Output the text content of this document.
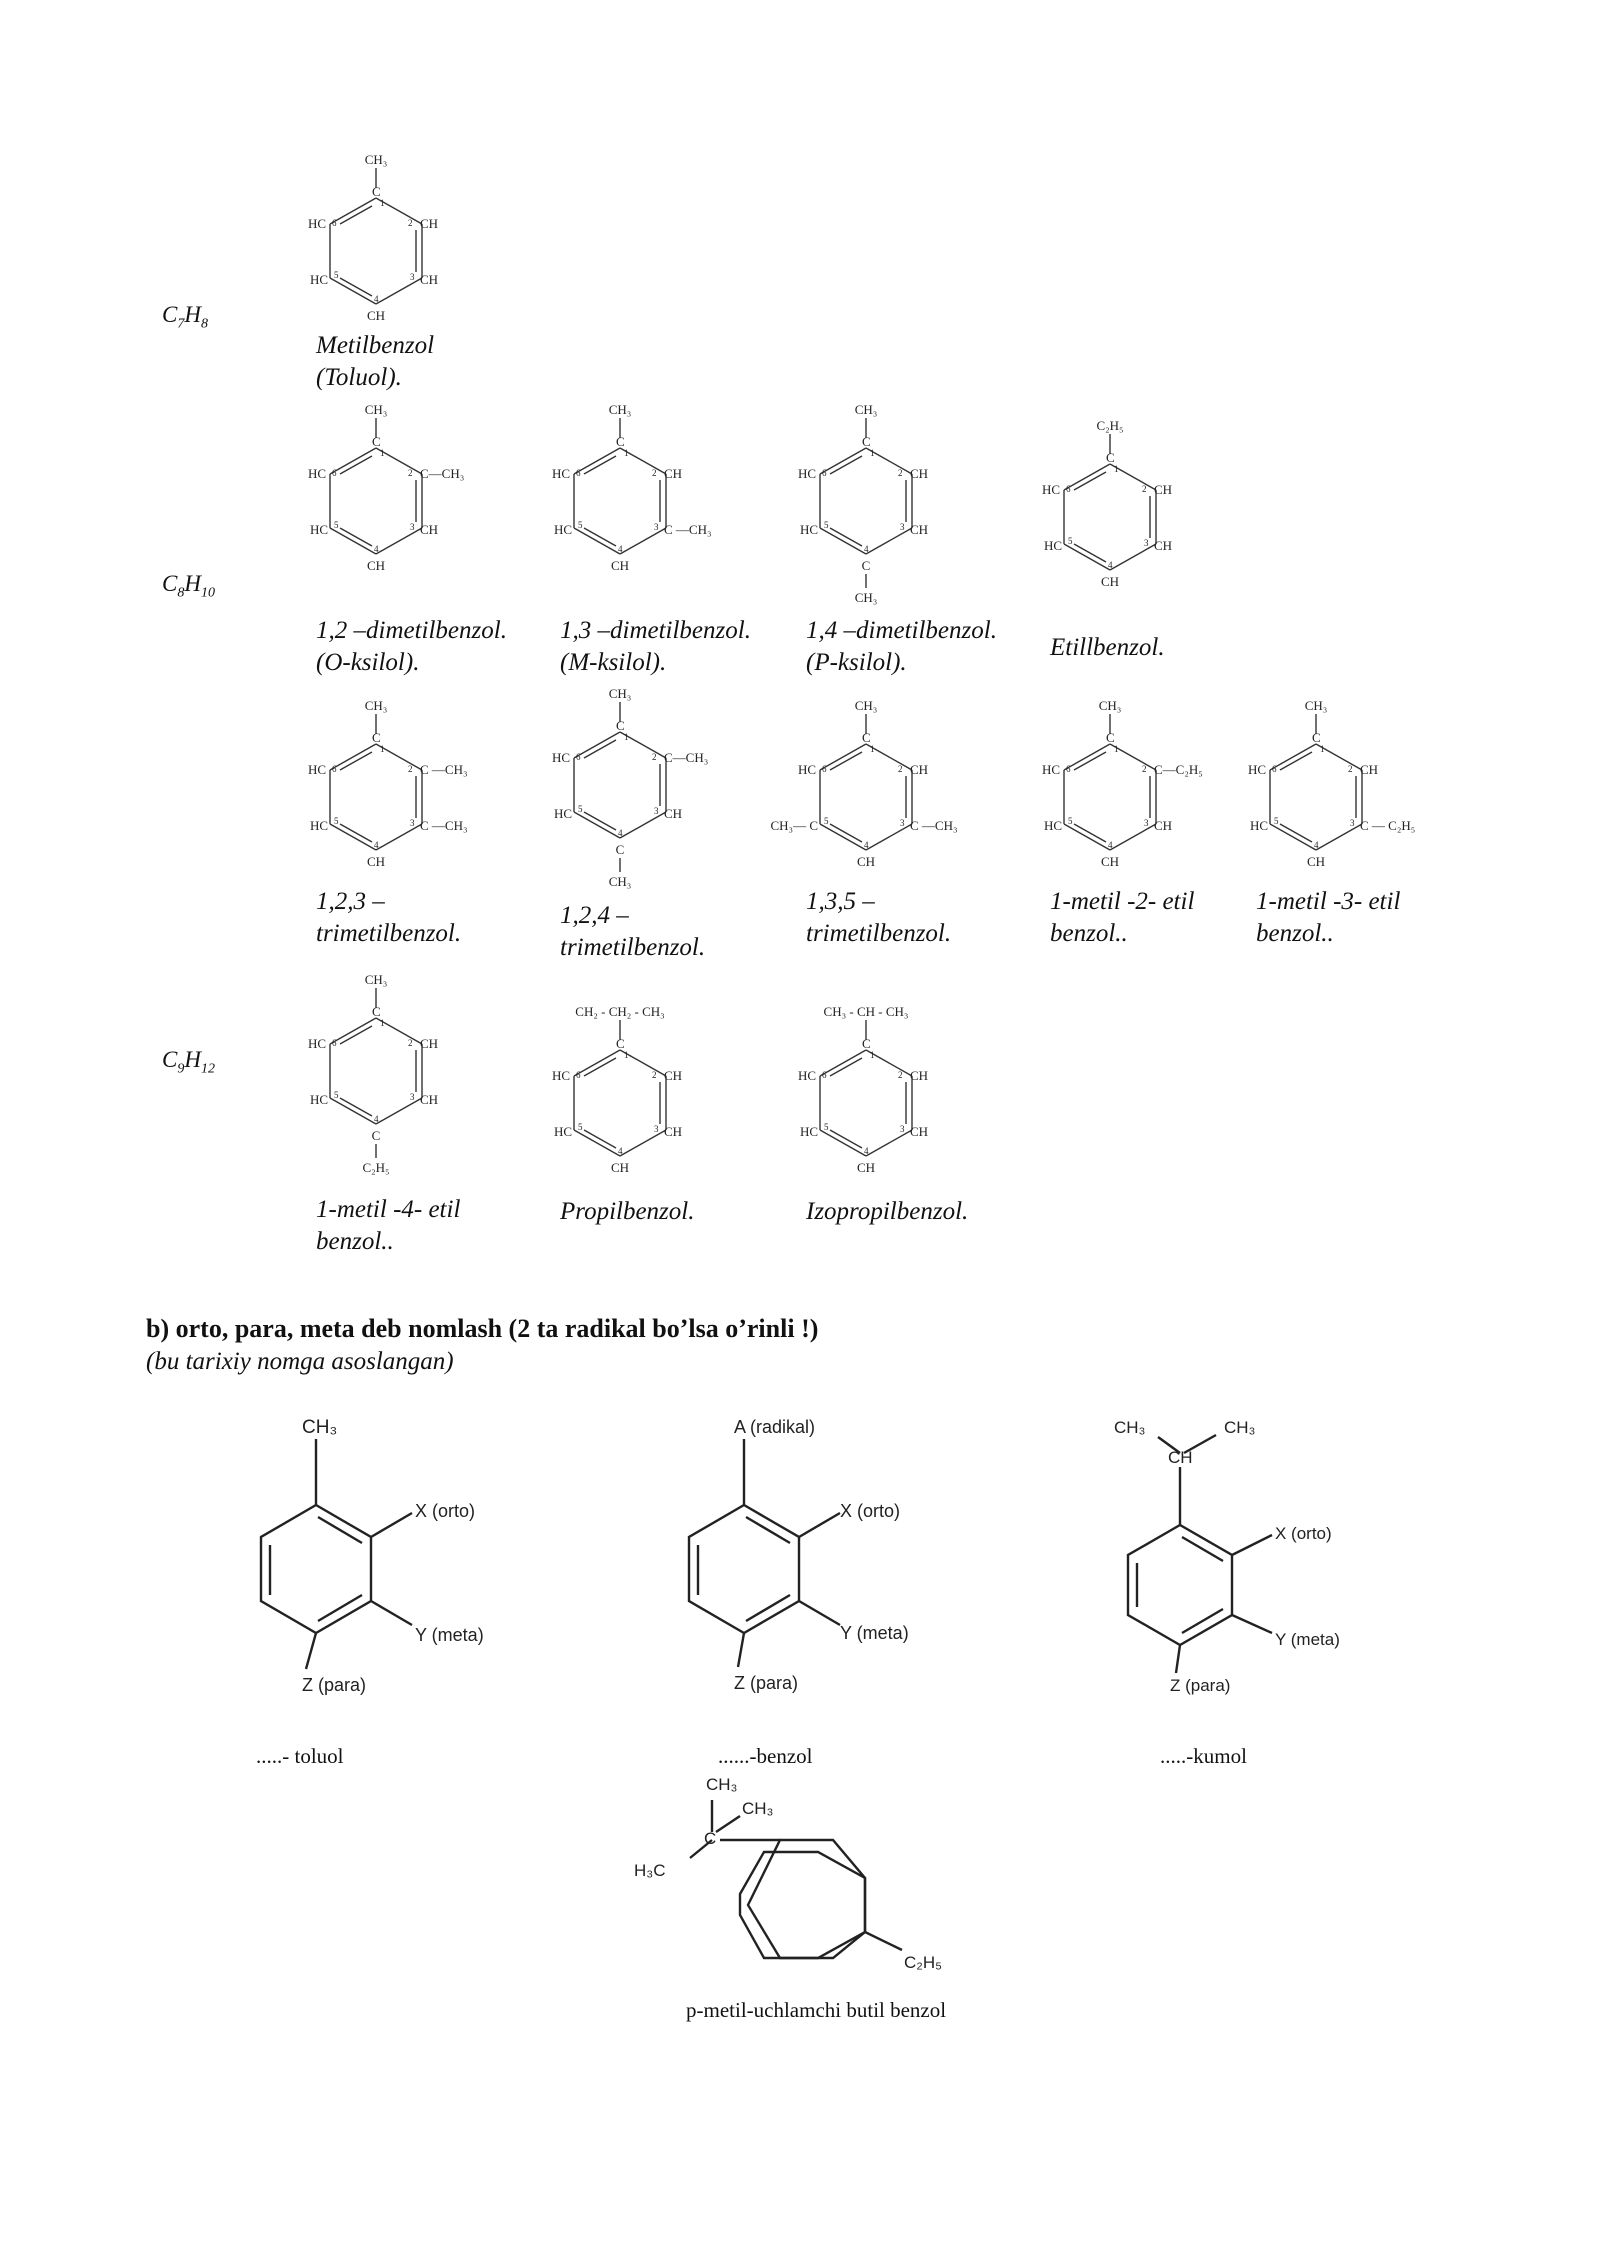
$C_7H_8$
$C_8H_{10}$
$C_9H_{12}$
CH₃
C
1
CH
2
CH
3
CH
4
HC 5
HC 6
CH₃
C
1
C—CH₃
2
CH
3
CH
4
HC 5
HC 6
CH₃
C
1
CH
2
C —CH₃
3
CH
4
HC 5
HC 6
CH₃
C
1
CH
2
CH
3
C
4
HC 5
HC 6
CH₃
C₂H₅
C
1
CH
2
CH
3
CH
4
HC 5
HC 6
CH₃
C
1
C —CH₃
2
C —CH₃
3
CH
4
HC 5
HC 6
CH₃
C
1
C—CH₃
2
CH
3
C
4
HC 5
HC 6
CH₃
CH₃
C
1
CH
2
C —CH₃
3
CH
4
CH₃— C 5
HC 6
CH₃
C
1
C—C₂H₅
2
CH
3
CH
4
HC 5
HC 6
CH₃
C
1
CH
2
C — C₂H₅
3
CH
4
HC 5
HC 6
CH₃
C
1
CH
2
CH
3
C
4
HC 5
HC 6
C₂H₅
CH₂ - CH₂ - CH₃
C
1
CH
2
CH
3
CH
4
HC 5
HC 6
CH₃ - CH - CH₃
C
1
CH
2
CH
3
CH
4
HC 5
HC 6
b) orto, para, meta deb nomlash (2 ta radikal bo’lsa o’rinli !)
(bu tarixiy nomga asoslangan)
CH₃
X (orto)
Y (meta)
Z (para)
.....- toluol
A (radikal)
X (orto)
Y (meta)
Z (para)
......-benzol
CH₃	CH₃
CH
X (orto)
Y (meta)
Z (para)
.....-kumol
CH₃
CH₃
C
H₃C
C₂H₅
p-metil-uchlamchi butil benzol
Metilbenzol
(Toluol).
1,2 –dimetilbenzol.
(O-ksilol).
1,3 –dimetilbenzol.
(M-ksilol).
1,4 –dimetilbenzol.
(P-ksilol).
Etillbenzol.
1,2,3 –
trimetilbenzol.
1,2,4 –
trimetilbenzol.
1,3,5 –
trimetilbenzol.
1-metil -2- etil
benzol..
1-metil -3- etil
benzol..
1-metil -4- etil
benzol..
Propilbenzol.	Izopropilbenzol.
